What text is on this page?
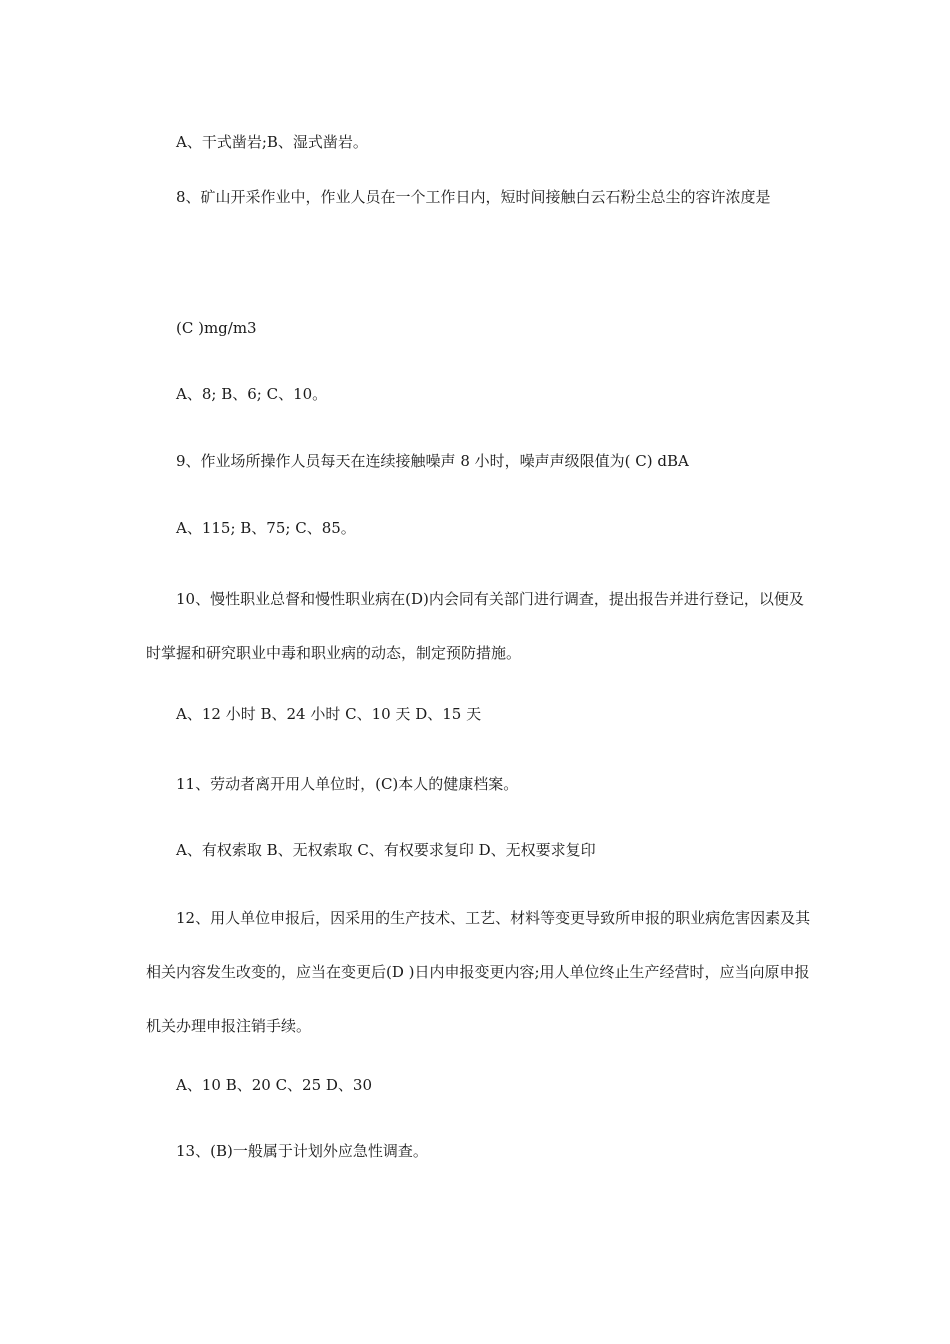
A、干式凿岩;B、湿式凿岩。

8、矿山开采作业中，作业人员在一个工作日内，短时间接触白云石粉尘总尘的容许浓度是

(C )mg/m3

A、8; B、6; C、10。

9、作业场所操作人员每天在连续接触噪声 8 小时，噪声声级限值为( C) dBA

A、115; B、75; C、85。

10、慢性职业总督和慢性职业病在(D)内会同有关部门进行调查，提出报告并进行登记，以便及时掌握和研究职业中毒和职业病的动态，制定预防措施。

A、12 小时 B、24 小时 C、10 天 D、15 天

11、劳动者离开用人单位时，(C)本人的健康档案。

A、有权索取 B、无权索取 C、有权要求复印 D、无权要求复印

12、用人单位申报后，因采用的生产技术、工艺、材料等变更导致所申报的职业病危害因素及其相关内容发生改变的，应当在变更后(D )日内申报变更内容;用人单位终止生产经营时，应当向原申报机关办理申报注销手续。

A、10 B、20 C、25 D、30

13、(B)一般属于计划外应急性调查。
